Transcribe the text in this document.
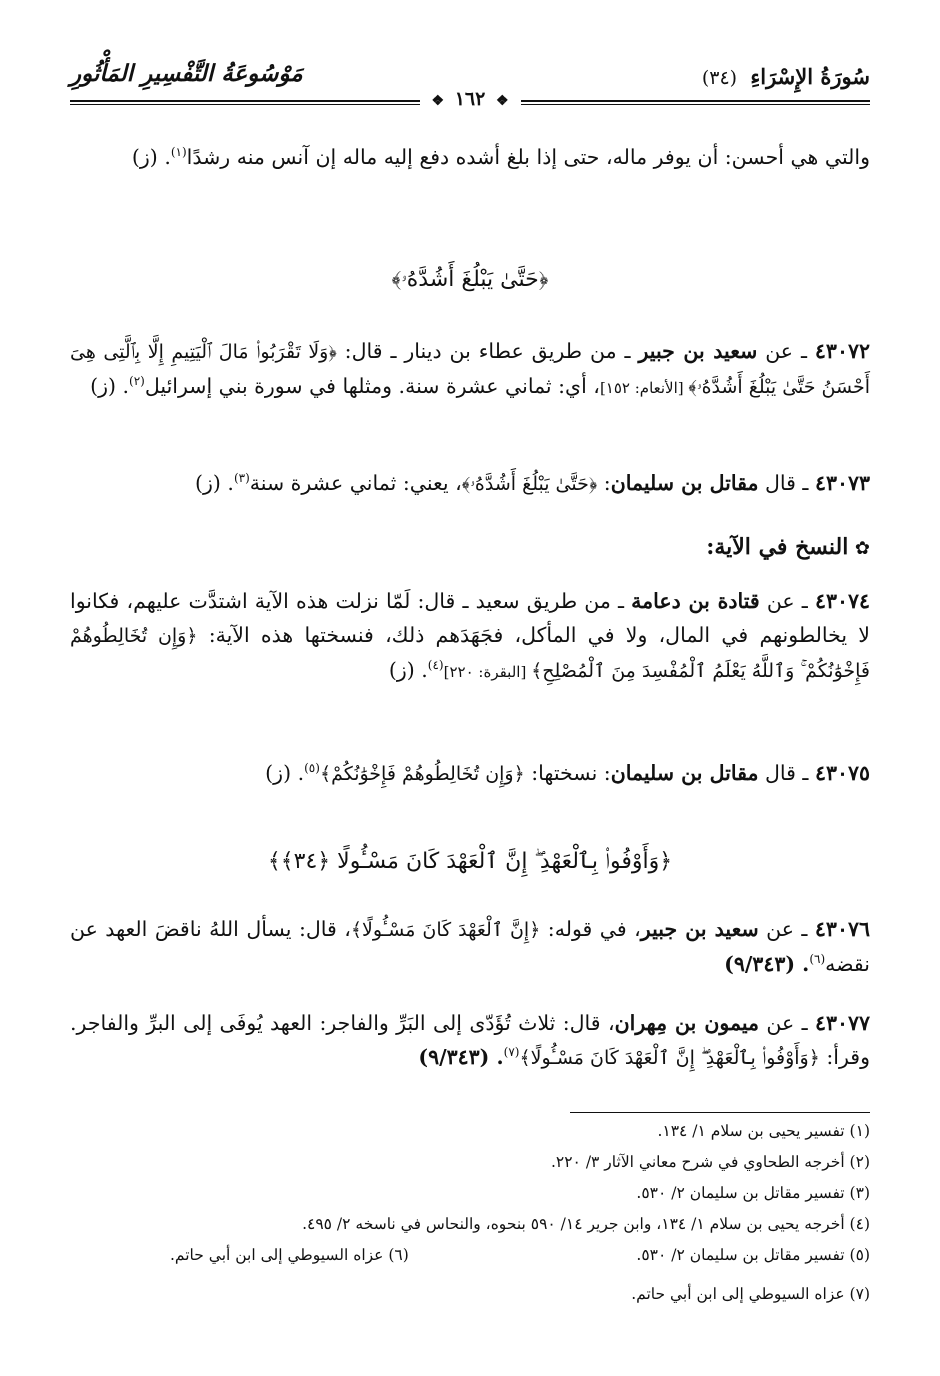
سُورَةُ الإِسْرَاءِ (٣٤)
مَوْسُوعَةُ التَّفْسِيرِ المَأْثُورِ
❖ ١٦٢ ❖
والتي هي أحسن: أن يوفر ماله، حتى إذا بلغ أشده دفع إليه ماله إن آنس منه رشدًا$^{(١)}$. (ز)
﴿حَتَّىٰ يَبْلُغَ أَشُدَّهُۥ﴾
٤٣٠٧٢ ـ عن سعيد بن جبير ـ من طريق عطاء بن دينار ـ قال: ﴿وَلَا تَقْرَبُوا۟ مَالَ ٱلْيَتِيمِ إِلَّا بِٱلَّتِى هِىَ أَحْسَنُ حَتَّىٰ يَبْلُغَ أَشُدَّهُۥ﴾ [الأنعام: ١٥٢]، أي: ثماني عشرة سنة. ومثلها في سورة بني إسرائيل$^{(٢)}$. (ز)
٤٣٠٧٣ ـ قال مقاتل بن سليمان: ﴿حَتَّىٰ يَبْلُغَ أَشُدَّهُۥ﴾، يعني: ثماني عشرة سنة$^{(٣)}$. (ز)
✿ النسخ في الآية:
٤٣٠٧٤ ـ عن قتادة بن دعامة ـ من طريق سعيد ـ قال: لَمّا نزلت هذه الآية اشتدَّت عليهم، فكانوا لا يخالطونهم في المال، ولا في المأكل، فجَهَدَهم ذلك، فنسختها هذه الآية: ﴿وَإِن تُخَالِطُوهُمْ فَإِخْوَٰنُكُمْ ۚ وَٱللَّهُ يَعْلَمُ ٱلْمُفْسِدَ مِنَ ٱلْمُصْلِحِ﴾ [البقرة: ٢٢٠]$^{(٤)}$. (ز)
٤٣٠٧٥ ـ قال مقاتل بن سليمان: نسختها: ﴿وَإِن تُخَالِطُوهُمْ فَإِخْوَٰنُكُمْ﴾$^{(٥)}$. (ز)
﴿وَأَوْفُوا۟ بِٱلْعَهْدِ ۖ إِنَّ ٱلْعَهْدَ كَانَ مَسْـُٔولًا ﴿٣٤﴾﴾
٤٣٠٧٦ ـ عن سعيد بن جبير، في قوله: ﴿إِنَّ ٱلْعَهْدَ كَانَ مَسْـُٔولًا﴾، قال: يسأل اللهُ ناقضَ العهد عن نقضه$^{(٦)}$. (٩/٣٤٣)
٤٣٠٧٧ ـ عن ميمون بن مِهران، قال: ثلاث تُؤَدّى إلى البَرِّ والفاجر: العهد يُوفَى إلى البرِّ والفاجر. وقرأ: ﴿وَأَوْفُوا۟ بِٱلْعَهْدِ ۖ إِنَّ ٱلْعَهْدَ كَانَ مَسْـُٔولًا﴾$^{(٧)}$. (٩/٣٤٣)
(١) تفسير يحيى بن سلام ١/ ١٣٤.
(٢) أخرجه الطحاوي في شرح معاني الآثار ٣/ ٢٢٠.
(٣) تفسير مقاتل بن سليمان ٢/ ٥٣٠.
(٤) أخرجه يحيى بن سلام ١/ ١٣٤، وابن جرير ١٤/ ٥٩٠ بنحوه، والنحاس في ناسخه ٢/ ٤٩٥.
(٥) تفسير مقاتل بن سليمان ٢/ ٥٣٠.
(٦) عزاه السيوطي إلى ابن أبي حاتم.
(٧) عزاه السيوطي إلى ابن أبي حاتم.
